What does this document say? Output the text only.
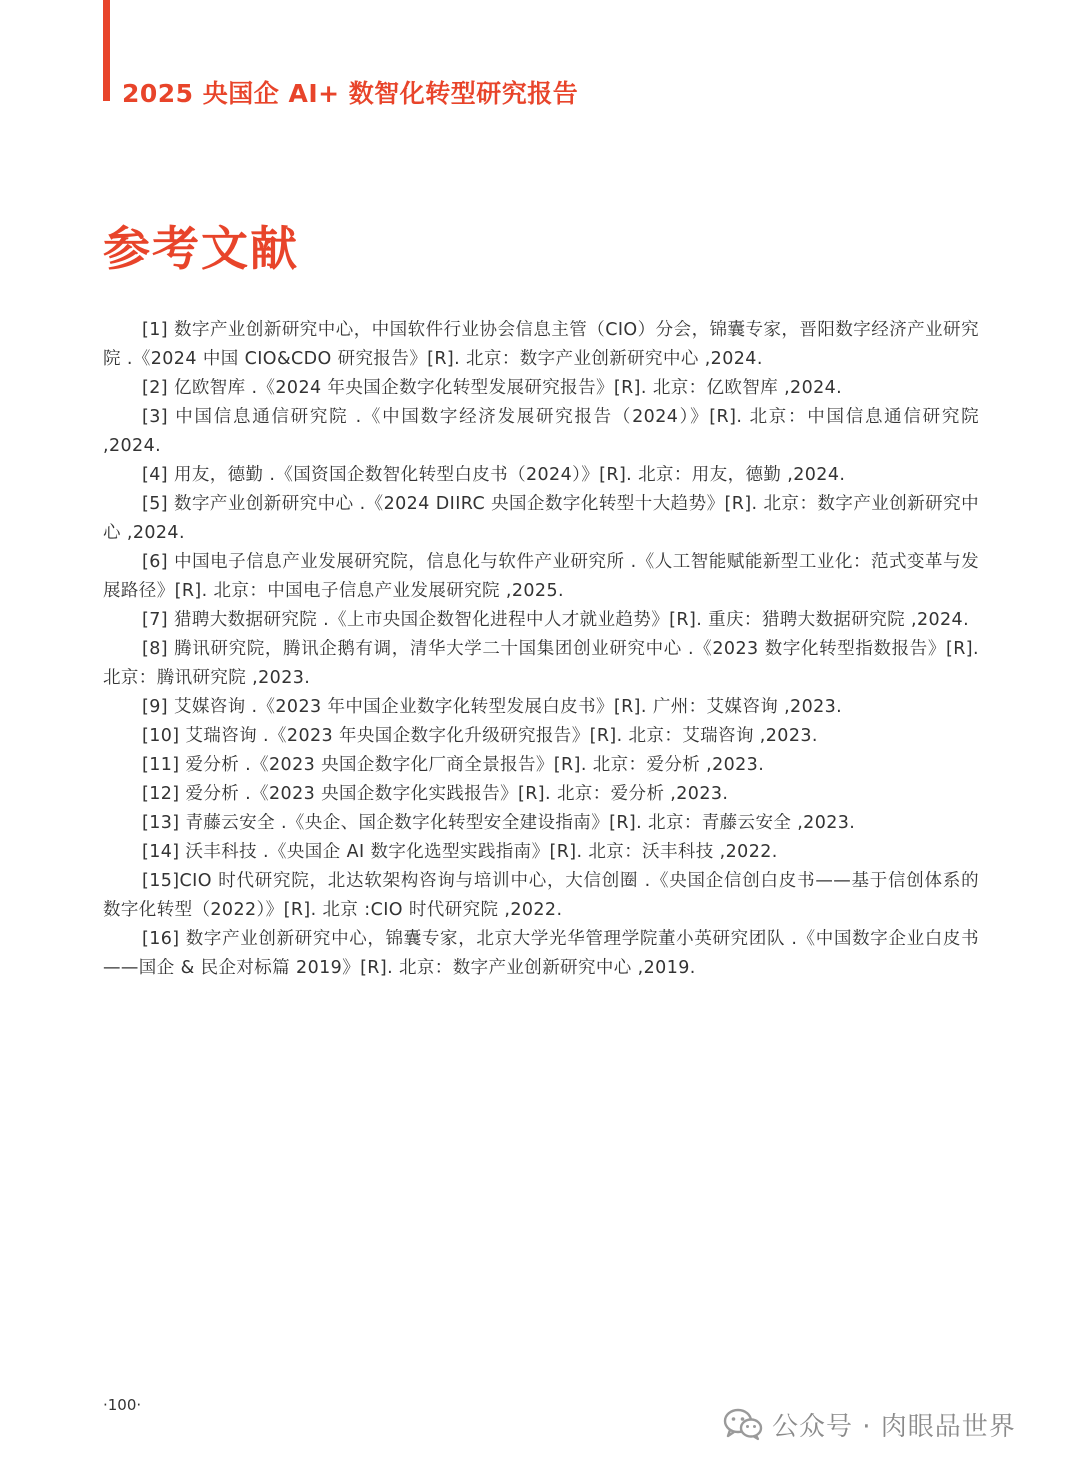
2025 央国企 AI+ 数智化转型研究报告
参考文献
[1] 数字产业创新研究中心，中国软件行业协会信息主管（CIO）分会，锦囊专家，晋阳数字经济产业研究院 .《2024 中国 CIO&CDO 研究报告》[R]. 北京：数字产业创新研究中心 ,2024.
[2] 亿欧智库 .《2024 年央国企数字化转型发展研究报告》[R]. 北京：亿欧智库 ,2024.
[3] 中国信息通信研究院 .《中国数字经济发展研究报告（2024）》[R]. 北京：中国信息通信研究院 ,2024.
[4] 用友，德勤 .《国资国企数智化转型白皮书（2024）》[R]. 北京：用友，德勤 ,2024.
[5] 数字产业创新研究中心 .《2024 DIIRC 央国企数字化转型十大趋势》[R]. 北京：数字产业创新研究中心 ,2024.
[6] 中国电子信息产业发展研究院，信息化与软件产业研究所 .《人工智能赋能新型工业化：范式变革与发展路径》[R]. 北京：中国电子信息产业发展研究院 ,2025.
[7] 猎聘大数据研究院 .《上市央国企数智化进程中人才就业趋势》[R]. 重庆：猎聘大数据研究院 ,2024.
[8] 腾讯研究院，腾讯企鹅有调，清华大学二十国集团创业研究中心 .《2023 数字化转型指数报告》[R]. 北京：腾讯研究院 ,2023.
[9] 艾媒咨询 .《2023 年中国企业数字化转型发展白皮书》[R]. 广州：艾媒咨询 ,2023.
[10] 艾瑞咨询 .《2023 年央国企数字化升级研究报告》[R]. 北京：艾瑞咨询 ,2023.
[11] 爱分析 .《2023 央国企数字化厂商全景报告》[R]. 北京：爱分析 ,2023.
[12] 爱分析 .《2023 央国企数字化实践报告》[R]. 北京：爱分析 ,2023.
[13] 青藤云安全 .《央企、国企数字化转型安全建设指南》[R]. 北京：青藤云安全 ,2023.
[14] 沃丰科技 .《央国企 AI 数字化选型实践指南》[R]. 北京：沃丰科技 ,2022.
[15]CIO 时代研究院，北达软架构咨询与培训中心，大信创圈 .《央国企信创白皮书——基于信创体系的数字化转型（2022）》[R]. 北京 :CIO 时代研究院 ,2022.
[16] 数字产业创新研究中心，锦囊专家，北京大学光华管理学院董小英研究团队 .《中国数字企业白皮书——国企 & 民企对标篇 2019》[R]. 北京：数字产业创新研究中心 ,2019.
·100·
公众号 · 肉眼品世界
